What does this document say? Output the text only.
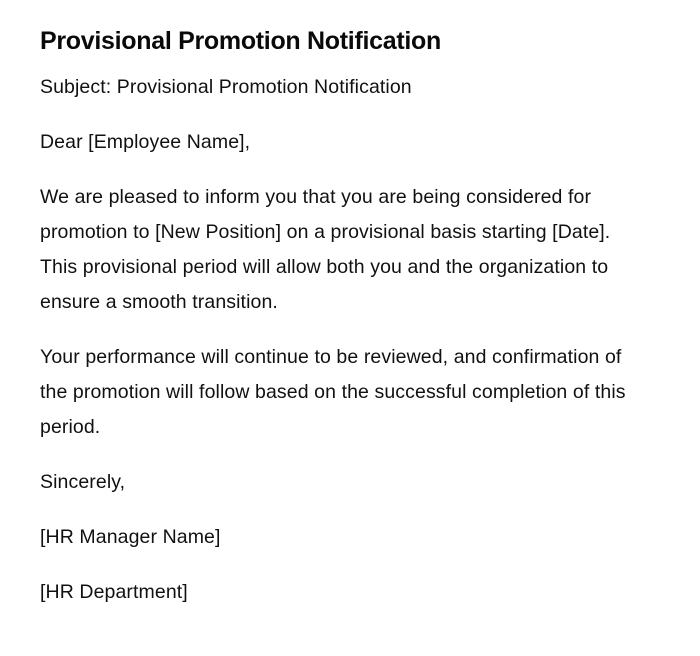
Provisional Promotion Notification

Subject: Provisional Promotion Notification

Dear [Employee Name],

We are pleased to inform you that you are being considered for promotion to [New Position] on a provisional basis starting [Date]. This provisional period will allow both you and the organization to ensure a smooth transition.

Your performance will continue to be reviewed, and confirmation of the promotion will follow based on the successful completion of this period.

Sincerely,

[HR Manager Name]

[HR Department]
